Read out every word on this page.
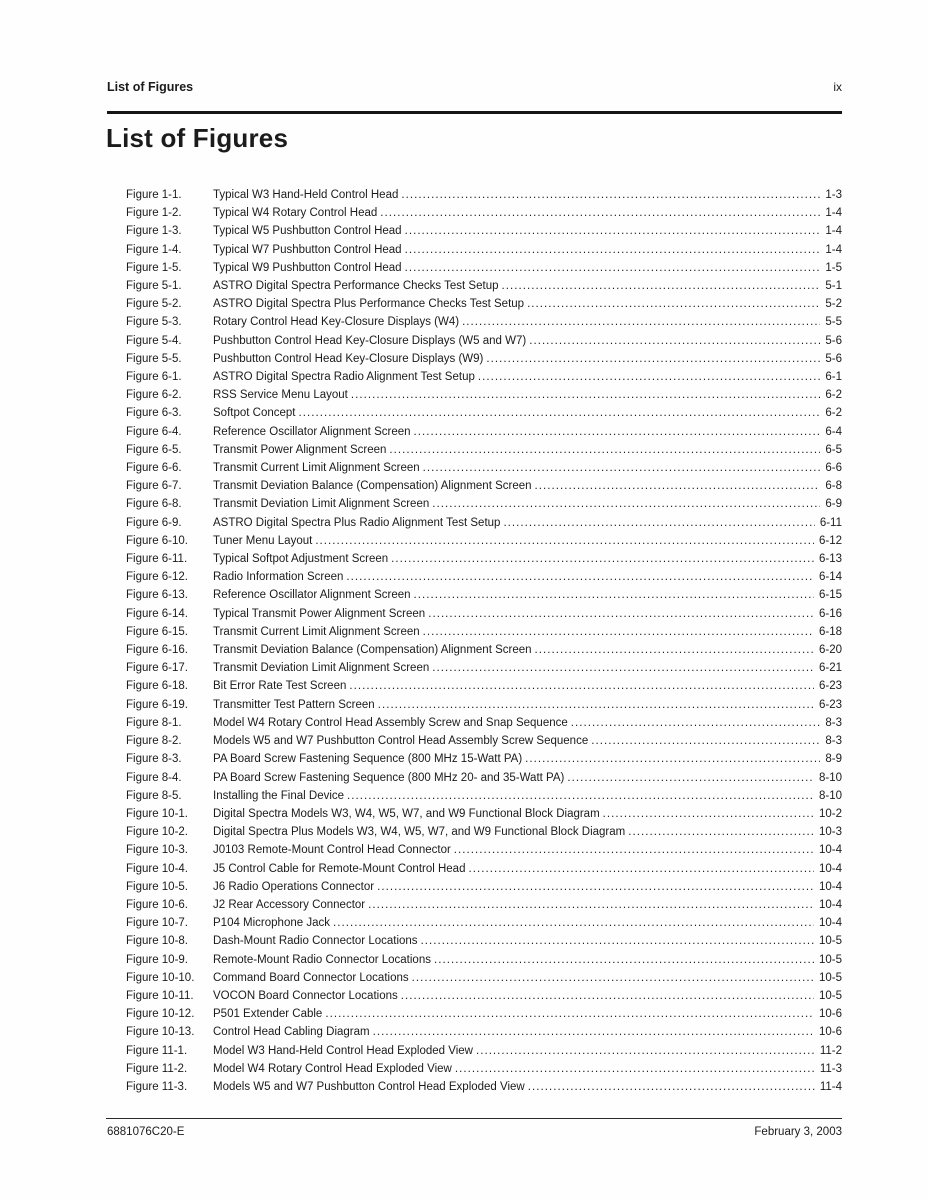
List of Figures	ix
List of Figures
Figure 1-1.	Typical W3 Hand-Held Control Head .....	1-3
Figure 1-2.	Typical W4 Rotary Control Head .....	1-4
Figure 1-3.	Typical W5 Pushbutton Control Head .....	1-4
Figure 1-4.	Typical W7 Pushbutton Control Head .....	1-4
Figure 1-5.	Typical W9 Pushbutton Control Head .....	1-5
Figure 5-1.	ASTRO Digital Spectra Performance Checks Test Setup .....	5-1
Figure 5-2.	ASTRO Digital Spectra Plus Performance Checks Test Setup .....	5-2
Figure 5-3.	Rotary Control Head Key-Closure Displays (W4) .....	5-5
Figure 5-4.	Pushbutton Control Head Key-Closure Displays (W5 and W7) .....	5-6
Figure 5-5.	Pushbutton Control Head Key-Closure Displays (W9) .....	5-6
Figure 6-1.	ASTRO Digital Spectra Radio Alignment Test Setup .....	6-1
Figure 6-2.	RSS Service Menu Layout .....	6-2
Figure 6-3.	Softpot Concept .....	6-2
Figure 6-4.	Reference Oscillator Alignment Screen .....	6-4
Figure 6-5.	Transmit Power Alignment Screen .....	6-5
Figure 6-6.	Transmit Current Limit Alignment Screen .....	6-6
Figure 6-7.	Transmit Deviation Balance (Compensation) Alignment Screen .....	6-8
Figure 6-8.	Transmit Deviation Limit Alignment Screen .....	6-9
Figure 6-9.	ASTRO Digital Spectra Plus Radio Alignment Test Setup .....	6-11
Figure 6-10.	Tuner Menu Layout .....	6-12
Figure 6-11.	Typical Softpot Adjustment Screen .....	6-13
Figure 6-12.	Radio Information Screen .....	6-14
Figure 6-13.	Reference Oscillator Alignment Screen .....	6-15
Figure 6-14.	Typical Transmit Power Alignment Screen .....	6-16
Figure 6-15.	Transmit Current Limit Alignment Screen .....	6-18
Figure 6-16.	Transmit Deviation Balance (Compensation) Alignment Screen .....	6-20
Figure 6-17.	Transmit Deviation Limit Alignment Screen .....	6-21
Figure 6-18.	Bit Error Rate Test Screen .....	6-23
Figure 6-19.	Transmitter Test Pattern Screen .....	6-23
Figure 8-1.	Model W4 Rotary Control Head Assembly Screw and Snap Sequence .....	8-3
Figure 8-2.	Models W5 and W7 Pushbutton Control Head Assembly Screw Sequence .....	8-3
Figure 8-3.	PA Board Screw Fastening Sequence (800 MHz 15-Watt PA) .....	8-9
Figure 8-4.	PA Board Screw Fastening Sequence (800 MHz 20- and 35-Watt PA) .....	8-10
Figure 8-5.	Installing the Final Device .....	8-10
Figure 10-1.	Digital Spectra Models W3, W4, W5, W7, and W9 Functional Block Diagram .....	10-2
Figure 10-2.	Digital Spectra Plus Models W3, W4, W5, W7, and W9 Functional Block Diagram .....	10-3
Figure 10-3.	J0103 Remote-Mount Control Head Connector .....	10-4
Figure 10-4.	J5 Control Cable for Remote-Mount Control Head .....	10-4
Figure 10-5.	J6 Radio Operations Connector .....	10-4
Figure 10-6.	J2 Rear Accessory Connector .....	10-4
Figure 10-7.	P104 Microphone Jack .....	10-4
Figure 10-8.	Dash-Mount Radio Connector Locations .....	10-5
Figure 10-9.	Remote-Mount Radio Connector Locations .....	10-5
Figure 10-10.	Command Board Connector Locations .....	10-5
Figure 10-11.	VOCON Board Connector Locations .....	10-5
Figure 10-12.	P501 Extender Cable .....	10-6
Figure 10-13.	Control Head Cabling Diagram .....	10-6
Figure 11-1.	Model W3 Hand-Held Control Head Exploded View .....	11-2
Figure 11-2.	Model W4 Rotary Control Head Exploded View .....	11-3
Figure 11-3.	Models W5 and W7 Pushbutton Control Head Exploded View .....	11-4
6881076C20-E	February 3, 2003
